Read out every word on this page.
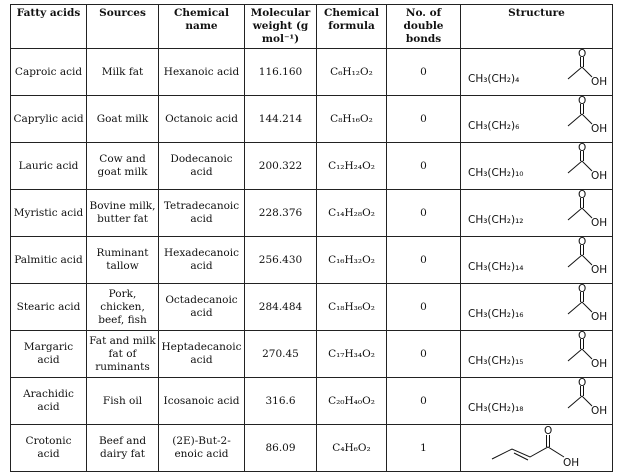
Fatty acids	Sources	Chemical name	Molecular weight (g mol⁻¹)	Chemical formula	No. of double bonds	Structure
Caproic acid	Milk fat	Hexanoic acid	116.160	C₆H₁₂O₂	0	CH₃(CH₂)₄
O
OH

Caprylic acid	Goat milk	Octanoic acid	144.214	C₈H₁₆O₂	0	CH₃(CH₂)₆
O
OH

Lauric acid	Cow and goat milk	Dodecanoic acid	200.322	C₁₂H₂₄O₂	0	CH₃(CH₂)₁₀
O
OH

Myristic acid	Bovine milk, butter fat	Tetradecanoic acid	228.376	C₁₄H₂₈O₂	0	CH₃(CH₂)₁₂
O
OH

Palmitic acid	Ruminant tallow	Hexadecanoic acid	256.430	C₁₆H₃₂O₂	0	CH₃(CH₂)₁₄
O
OH

Stearic acid	Pork, chicken, beef, fish	Octadecanoic acid	284.484	C₁₈H₃₆O₂	0	CH₃(CH₂)₁₆
O
OH

Margaric acid	Fat and milk fat of ruminants	Heptadecanoic acid	270.45	C₁₇H₃₄O₂	0	CH₃(CH₂)₁₅
O
OH

Arachidic acid	Fish oil	Icosanoic acid	316.6	C₂₀H₄₀O₂	0	CH₃(CH₂)₁₈
O
OH

Crotonic acid	Beef and dairy fat	(2E)-But-2-enoic acid	86.09	C₄H₆O₂	1	O
OH
